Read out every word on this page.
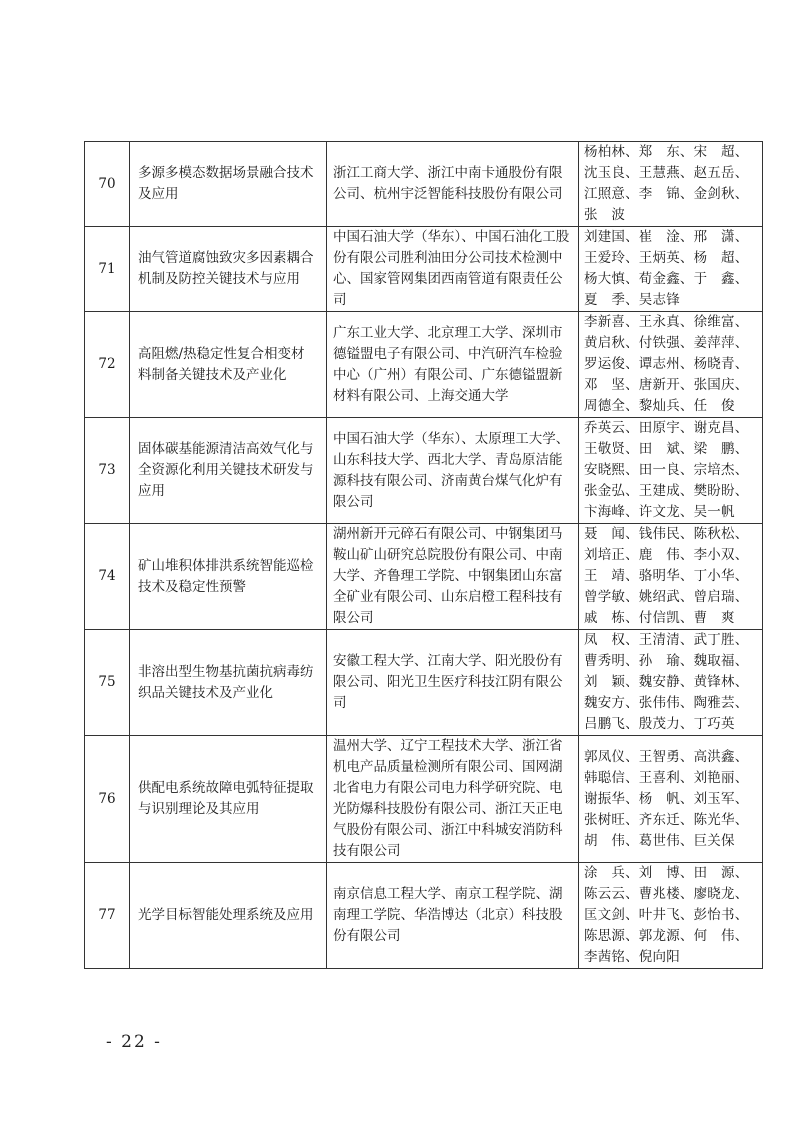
70	多源多模态数据场景融合技术及应用	浙江工商大学、浙江中南卡通股份有限公司、杭州宇泛智能科技股份有限公司	杨柏林、郑　东、宋　超、沈玉良、王慧燕、赵五岳、江照意、李　锦、金剑秋、张　波

71	油气管道腐蚀致灾多因素耦合机制及防控关键技术与应用	中国石油大学（华东）、中国石油化工股份有限公司胜利油田分公司技术检测中心、国家管网集团西南管道有限责任公司	刘建国、崔　淦、邢　潇、王爱玲、王炳英、杨　超、杨大慎、荀金鑫、于　鑫、夏　季、吴志锋

72	高阻燃/热稳定性复合相变材料制备关键技术及产业化	广东工业大学、北京理工大学、深圳市德镒盟电子有限公司、中汽研汽车检验中心（广州）有限公司、广东德镒盟新材料有限公司、上海交通大学	李新喜、王永真、徐维富、黄启秋、付铁强、姜萍萍、罗运俊、谭志州、杨晓青、邓　坚、唐新开、张国庆、周德全、黎灿兵、任　俊

73	固体碳基能源清洁高效气化与全资源化利用关键技术研发与应用	中国石油大学（华东）、太原理工大学、山东科技大学、西北大学、青岛原洁能源科技有限公司、济南黄台煤气化炉有限公司	乔英云、田原宇、谢克昌、王敬贤、田　斌、梁　鹏、安晓熙、田一良、宗培杰、张金弘、王建成、樊盼盼、卞海峰、许文龙、吴一帆

74	矿山堆积体排洪系统智能巡检技术及稳定性预警	湖州新开元碎石有限公司、中钢集团马鞍山矿山研究总院股份有限公司、中南大学、齐鲁理工学院、中钢集团山东富全矿业有限公司、山东启橙工程科技有限公司	聂　闻、钱伟民、陈秋松、刘培正、鹿　伟、李小双、王　靖、骆明华、丁小华、曾学敏、姚绍武、曾启瑞、戚　栋、付信凯、曹　爽

75	非溶出型生物基抗菌抗病毒纺织品关键技术及产业化	安徽工程大学、江南大学、阳光股份有限公司、阳光卫生医疗科技江阴有限公司	凤　权、王清清、武丁胜、曹秀明、孙　瑜、魏取福、刘　颖、魏安静、黄锋林、魏安方、张伟伟、陶雅芸、吕鹏飞、殷茂力、丁巧英

76	供配电系统故障电弧特征提取与识别理论及其应用	温州大学、辽宁工程技术大学、浙江省机电产品质量检测所有限公司、国网湖北省电力有限公司电力科学研究院、电光防爆科技股份有限公司、浙江天正电气股份有限公司、浙江中科城安消防科技有限公司	郭凤仪、王智勇、高洪鑫、韩聪信、王喜利、刘艳丽、谢振华、杨　帆、刘玉军、张树旺、齐东迁、陈光华、胡　伟、葛世伟、巨关保

77	光学目标智能处理系统及应用	南京信息工程大学、南京工程学院、湖南理工学院、华浩博达（北京）科技股份有限公司	涂　兵、刘　博、田　源、陈云云、曹兆楼、廖晓龙、匡文剑、叶井飞、彭怡书、陈思源、郭龙源、何　伟、李茜铭、倪向阳
- 22 -
